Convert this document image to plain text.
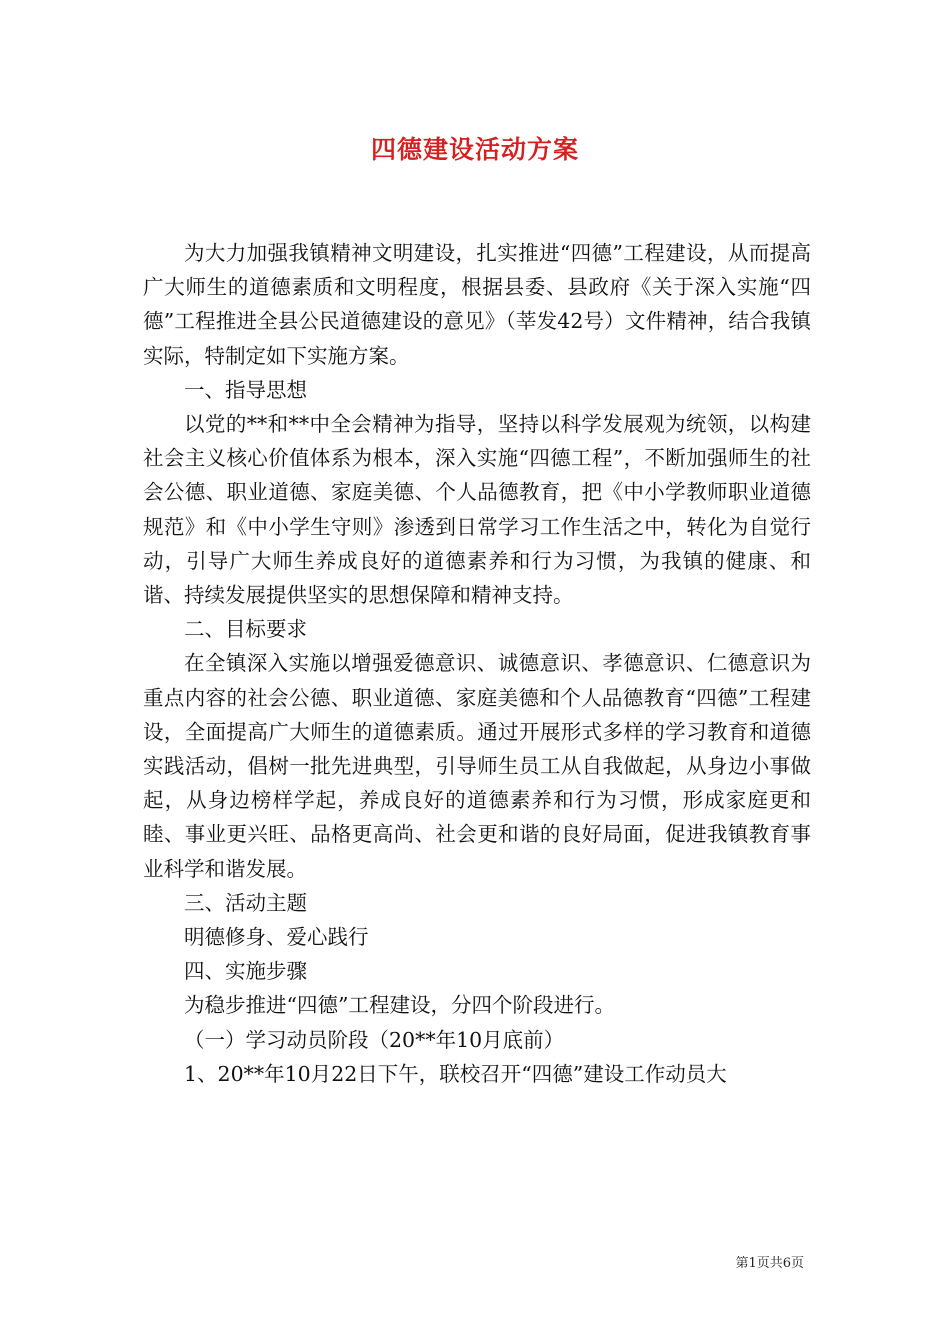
四德建设活动方案

为大力加强我镇精神文明建设，扎实推进“四德”工程建设，从而提高广大师生的道德素质和文明程度，根据县委、县政府《关于深入实施“四德”工程推进全县公民道德建设的意见》（莘发42号）文件精神，结合我镇实际，特制定如下实施方案。

一、指导思想

以党的**和**中全会精神为指导，坚持以科学发展观为统领，以构建社会主义核心价值体系为根本，深入实施“四德工程”，不断加强师生的社会公德、职业道德、家庭美德、个人品德教育，把《中小学教师职业道德规范》和《中小学生守则》渗透到日常学习工作生活之中，转化为自觉行动，引导广大师生养成良好的道德素养和行为习惯，为我镇的健康、和谐、持续发展提供坚实的思想保障和精神支持。

二、目标要求

在全镇深入实施以增强爱德意识、诚德意识、孝德意识、仁德意识为重点内容的社会公德、职业道德、家庭美德和个人品德教育“四德”工程建设，全面提高广大师生的道德素质。通过开展形式多样的学习教育和道德实践活动，倡树一批先进典型，引导师生员工从自我做起，从身边小事做起，从身边榜样学起，养成良好的道德素养和行为习惯，形成家庭更和睦、事业更兴旺、品格更高尚、社会更和谐的良好局面，促进我镇教育事业科学和谐发展。

三、活动主题

明德修身、爱心践行

四、实施步骤

为稳步推进“四德”工程建设，分四个阶段进行。

（一）学习动员阶段（20**年10月底前）

1、20**年10月22日下午，联校召开“四德”建设工作动员大

第1页共6页
